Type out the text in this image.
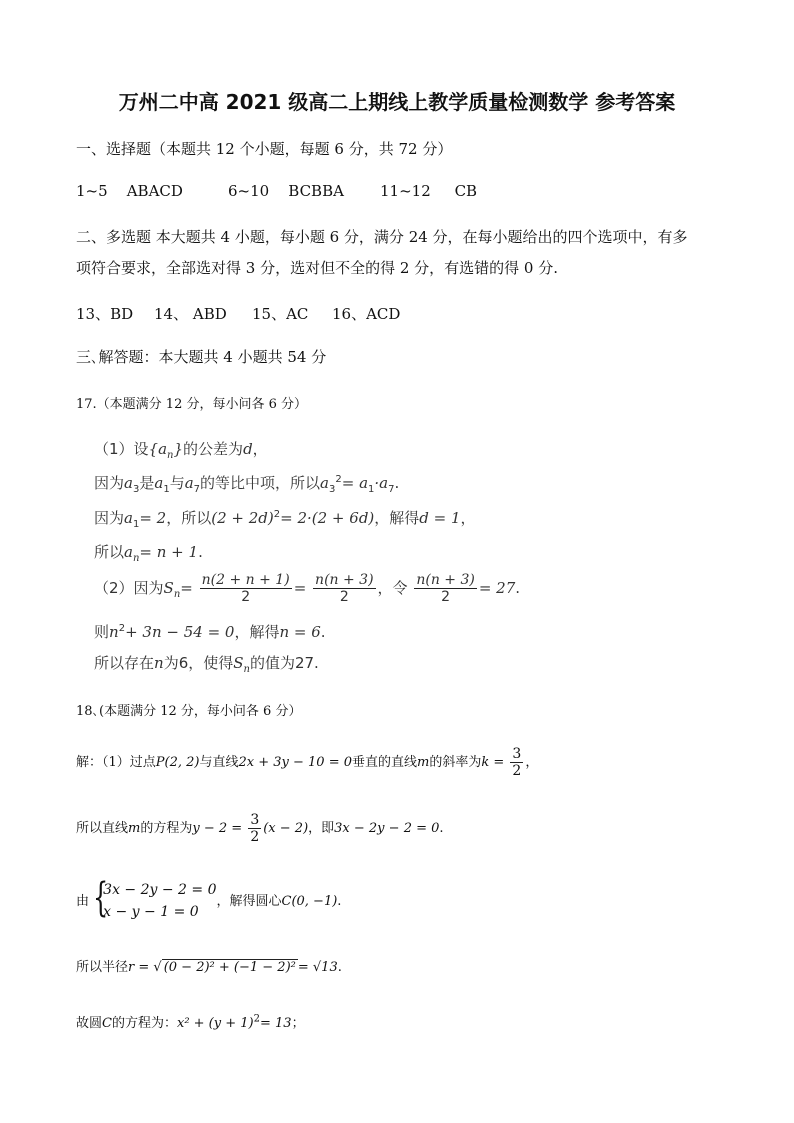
万州二中高 2021 级高二上期线上教学质量检测数学 参考答案
一、选择题（本题共 12 个小题，每题 6 分，共 72 分）
1~5    ABACD	6~10    BCBBA 11~12     CB
二、多选题 本大题共 4 小题，每小题 6 分，满分 24 分，在每小题给出的四个选项中，有多
项符合要求，全部选对得 3 分，选对但不全的得 2 分，有选错的得 0 分.
13、BD 14、 ABD 15、AC 16、ACD
三､解答题：本大题共 4 小题共 54 分
17.（本题满分 12 分，每小问各 6 分）
（1）设$\{a_n\}$的公差为d，
因为$a_3$是$a_1$与$a_7$的等比中项，所以$a_3^2= a_1\cdot a_7$.
因为$a_1= 2$，所以$(2 + 2d)^2= 2\cdot(2 + 6d)$，解得d = 1，
所以$a_n= n + 1$.
（2）因为$S_n= \frac{n(2 + n + 1)}{2} = \frac{n(n + 3)}{2}$ ，令 $\frac{n(n + 3)}{2} = 27$.
则$n^2+ 3n - 54 = 0$，解得n = 6.
所以存在n为6，使得$S_n$的值为27.
18､(本题满分 12 分，每小问各 6 分）
解：（1）过点P(2, 2)与直线2x + 3y − 10 = 0垂直的直线m的斜率为$k = \frac{3}{2}$ ，
所以直线m的方程为$y - 2 = \frac{3}{2} (x - 2)$，即3x − 2y − 2 = 0.
由 {
3x − 2y − 2 = 0
x − y − 1 = 0
，解得圆心C(0, −1).
所以半径r = √ (0 − 2)² + (−1 − 2)² = √13.
故圆C的方程为：$x^2 + (y + 1)^2= 13$；
